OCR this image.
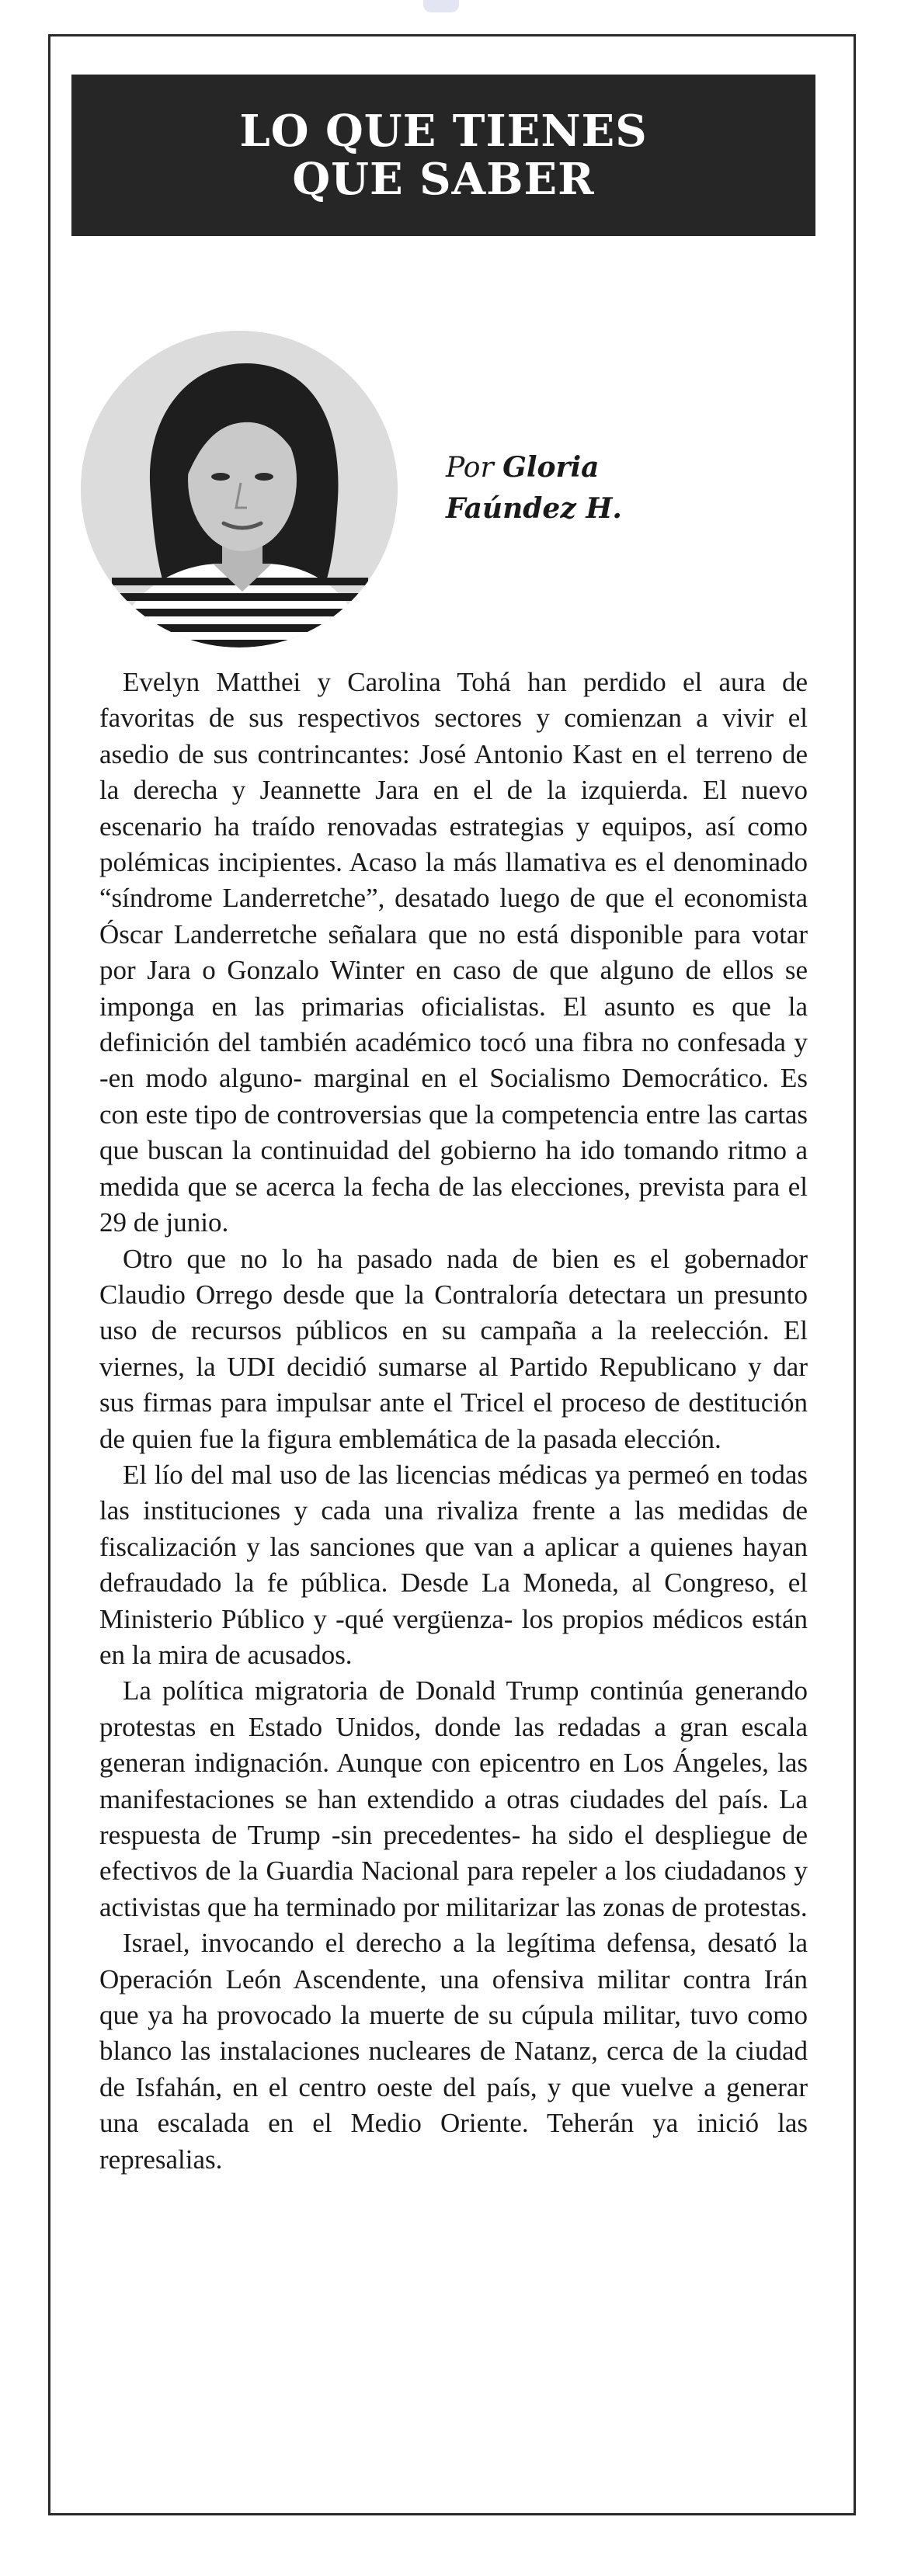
LO QUE TIENES QUE SABER
Por Gloria Faúndez H.

Evelyn Matthei y Carolina Tohá han perdido el aura de favoritas de sus respectivos sectores y comienzan a vivir el asedio de sus contrincantes: José Antonio Kast en el terreno de la derecha y Jeannette Jara en el de la izquierda. El nuevo escenario ha traído renovadas estrategias y equipos, así como polémicas incipientes. Acaso la más llamativa es el denominado “síndrome Landerretche”, desatado luego de que el economista Óscar Landerretche señalara que no está disponible para votar por Jara o Gonzalo Winter en caso de que alguno de ellos se imponga en las primarias oficialistas. El asunto es que la definición del también académico tocó una fibra no confesada y -en modo alguno- marginal en el Socialismo Democrático. Es con este tipo de controversias que la competencia entre las cartas que buscan la continuidad del gobierno ha ido tomando ritmo a medida que se acerca la fecha de las elecciones, prevista para el 29 de junio.

Otro que no lo ha pasado nada de bien es el gobernador Claudio Orrego desde que la Contraloría detectara un presunto uso de recursos públicos en su campaña a la reelección. El viernes, la UDI decidió sumarse al Partido Republicano y dar sus firmas para impulsar ante el Tricel el proceso de destitución de quien fue la figura emblemática de la pasada elección.

El lío del mal uso de las licencias médicas ya permeó en todas las instituciones y cada una rivaliza frente a las medidas de fiscalización y las sanciones que van a aplicar a quienes hayan defraudado la fe pública. Desde La Moneda, al Congreso, el Ministerio Público y -qué vergüenza- los propios médicos están en la mira de acusados.

La política migratoria de Donald Trump continúa generando protestas en Estado Unidos, donde las redadas a gran escala generan indignación. Aunque con epicentro en Los Ángeles, las manifestaciones se han extendido a otras ciudades del país. La respuesta de Trump -sin precedentes- ha sido el despliegue de efectivos de la Guardia Nacional para repeler a los ciudadanos y activistas que ha terminado por militarizar las zonas de protestas.

Israel, invocando el derecho a la legítima defensa, desató la Operación León Ascendente, una ofensiva militar contra Irán que ya ha provocado la muerte de su cúpula militar, tuvo como blanco las instalaciones nucleares de Natanz, cerca de la ciudad de Isfahán, en el centro oeste del país, y que vuelve a generar una escalada en el Medio Oriente. Teherán ya inició las represalias.
